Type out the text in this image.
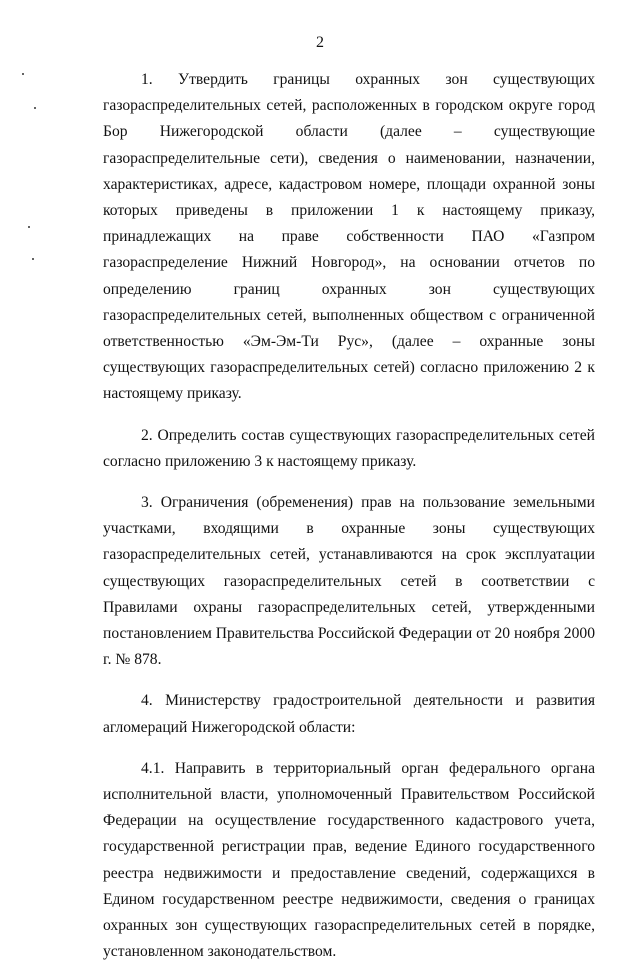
2

1. Утвердить границы охранных зон существующих газораспределительных сетей, расположенных в городском округе город Бор Нижегородской области (далее – существующие газораспределительные сети), сведения о наименовании, назначении, характеристиках, адресе, кадастровом номере, площади охранной зоны которых приведены в приложении 1 к настоящему приказу, принадлежащих на праве собственности ПАО «Газпром газораспределение Нижний Новгород», на основании отчетов по определению границ охранных зон существующих газораспределительных сетей, выполненных обществом с ограниченной ответственностью «Эм-Эм-Ти Рус», (далее – охранные зоны существующих газораспределительных сетей) согласно приложению 2 к настоящему приказу.

2. Определить состав существующих газораспределительных сетей согласно приложению 3 к настоящему приказу.

3. Ограничения (обременения) прав на пользование земельными участками, входящими в охранные зоны существующих газораспределительных сетей, устанавливаются на срок эксплуатации существующих газораспределительных сетей в соответствии с Правилами охраны газораспределительных сетей, утвержденными постановлением Правительства Российской Федерации от 20 ноября 2000 г. № 878.

4. Министерству градостроительной деятельности и развития агломераций Нижегородской области:

4.1. Направить в территориальный орган федерального органа исполнительной власти, уполномоченный Правительством Российской Федерации на осуществление государственного кадастрового учета, государственной регистрации прав, ведение Единого государственного реестра недвижимости и предоставление сведений, содержащихся в Едином государственном реестре недвижимости, сведения о границах охранных зон существующих газораспределительных сетей в порядке, установленном законодательством.
